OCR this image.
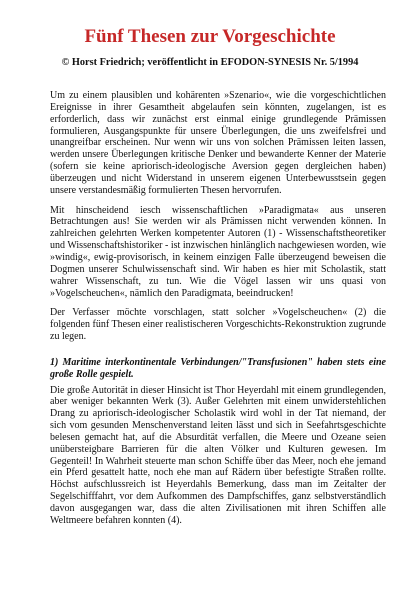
Fünf Thesen zur Vorgeschichte
© Horst Friedrich; veröffentlicht in EFODON-SYNESIS Nr. 5/1994

Um zu einem plausiblen und kohärenten »Szenario«, wie die vorgeschichtlichen Ereignisse in ihrer Gesamtheit abgelaufen sein könnten, zugelangen, ist es erforderlich, dass wir zunächst erst einmal einige grundlegende Prämissen formulieren, Ausgangspunkte für unsere Überlegungen, die uns zweifelsfrei und unangreifbar erscheinen. Nur wenn wir uns von solchen Prämissen leiten lassen, werden unsere Überlegungen kritische Denker und bewanderte Kenner der Materie (sofern sie keine apriorisch-ideologische Aversion gegen dergleichen haben) überzeugen und nicht Widerstand in unserem eigenen Unterbewusstsein gegen unsere verstandesmäßig formulierten Thesen hervorrufen.

Mit hinscheidend iesch wissenschaftlichen »Paradigmata« aus unseren Betrachtungen aus! Sie werden wir als Prämissen nicht verwenden können. In zahlreichen gelehrten Werken kompetenter Autoren (1) - Wissenschaftstheoretiker und Wissenschaftshistoriker - ist inzwischen hinlänglich nachgewiesen worden, wie »windig«, ewig-provisorisch, in keinem einzigen Falle überzeugend beweisen die Dogmen unserer Schulwissenschaft sind. Wir haben es hier mit Scholastik, statt wahrer Wissenschaft, zu tun. Wie die Vögel lassen wir uns quasi von »Vogelscheuchen«, nämlich den Paradigmata, beeindrucken!

Der Verfasser möchte vorschlagen, statt solcher »Vogelscheuchen« (2) die folgenden fünf Thesen einer realistischeren Vorgeschichts-Rekonstruktion zugrunde zu legen.

1) Maritime interkontinentale Verbindungen/"Transfusionen" haben stets eine große Rolle gespielt.

Die große Autorität in dieser Hinsicht ist Thor Heyerdahl mit einem grundlegenden, aber weniger bekannten Werk (3). Außer Gelehrten mit einem unwiderstehlichen Drang zu apriorisch-ideologischer Scholastik wird wohl in der Tat niemand, der sich vom gesunden Menschenverstand leiten lässt und sich in Seefahrtsgeschichte belesen gemacht hat, auf die Absurdität verfallen, die Meere und Ozeane seien unübersteigbare Barrieren für die alten Völker und Kulturen gewesen. Im Gegenteil! In Wahrheit steuerte man schon Schiffe über das Meer, noch ehe jemand ein Pferd gesattelt hatte, noch ehe man auf Rädern über befestigte Straßen rollte. Höchst aufschlussreich ist Heyerdahls Bemerkung, dass man im Zeitalter der Segelschifffahrt, vor dem Aufkommen des Dampfschiffes, ganz selbstverständlich davon ausgegangen war, dass die alten Zivilisationen mit ihren Schiffen alle Weltmeere befahren konnten (4).
